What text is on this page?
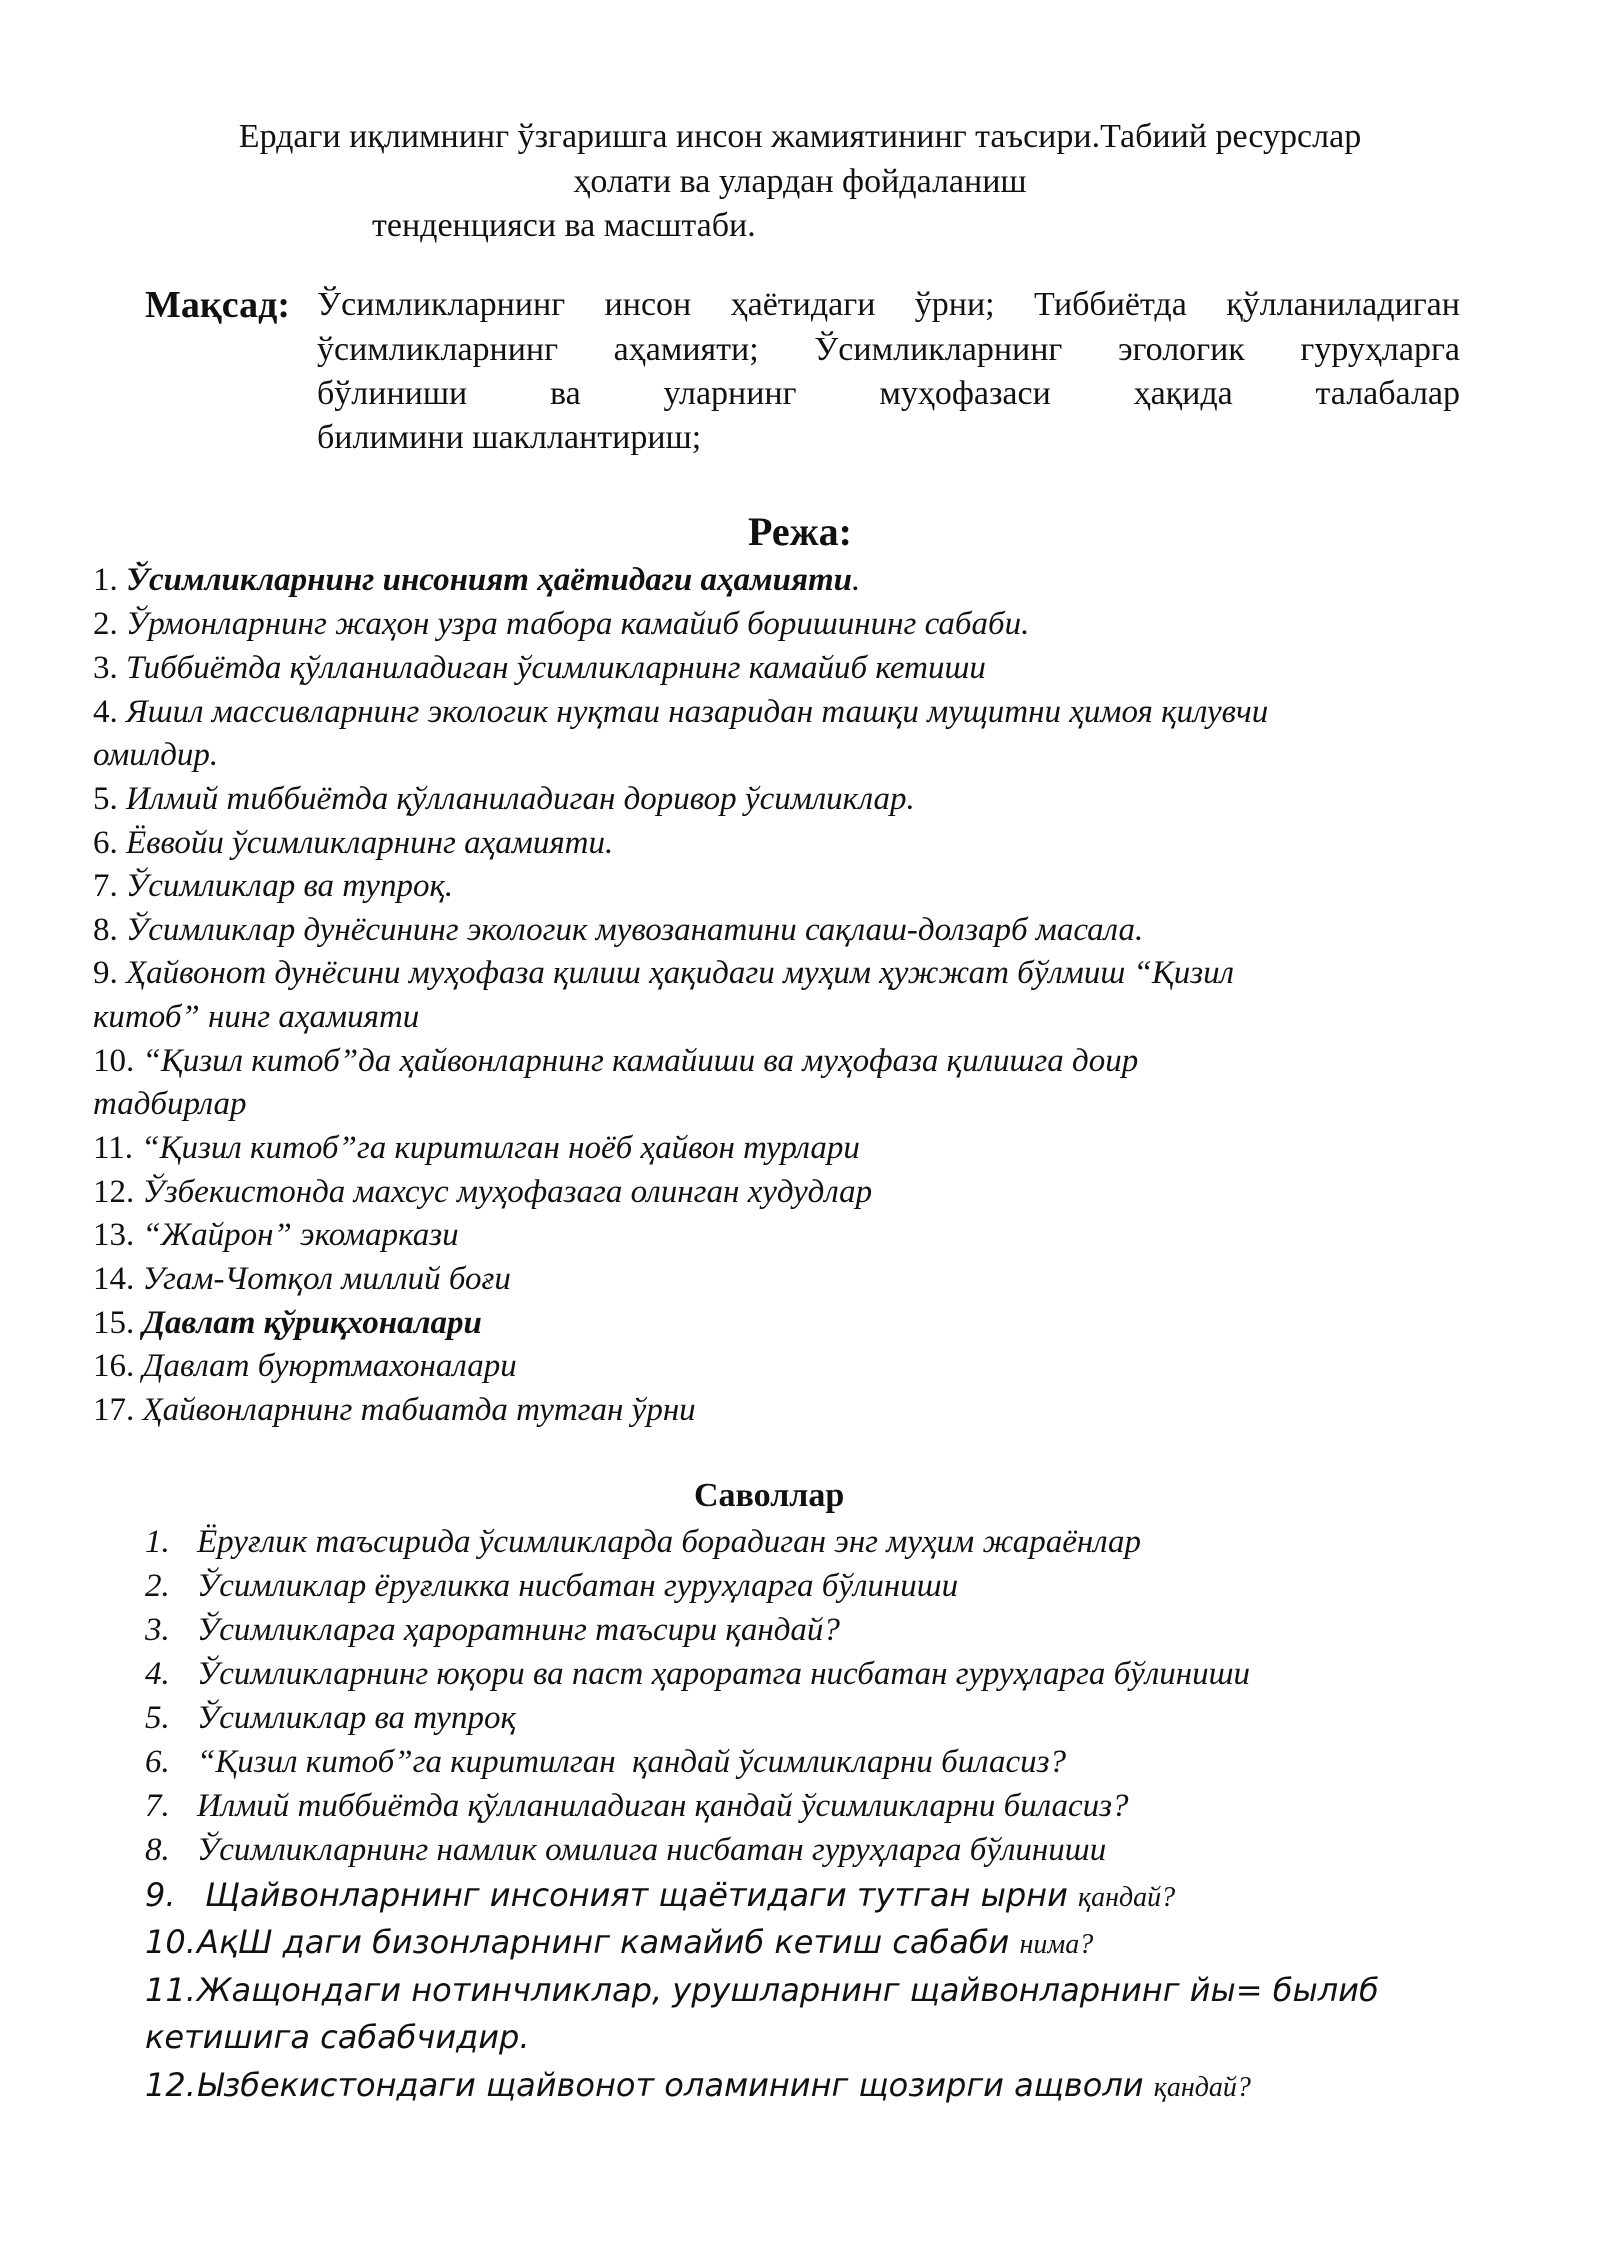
Ердаги иқлимнинг ўзгаришга инсон жамиятининг таъсири.Табиий ресурслар
ҳолати ва улардан фойдаланиш
тенденцияси ва масштаби.
Мақсад: Ўсимликларнинг инсон ҳаётидаги ўрни; Тиббиётда қўлланиладиган
ўсимликларнинг аҳамияти; Ўсимликларнинг эгологик гуруҳларга
бўлиниши ва уларнинг муҳофазаси ҳақида талабалар
билимини шакллантириш;
Режа:
1. Ўсимликларнинг инсоният ҳаётидаги аҳамияти.
2. Ўрмонларнинг жаҳон узра табора камайиб боришининг сабаби.
3. Тиббиётда қўлланиладиган ўсимликларнинг камайиб кетиши
4. Яшил массивларнинг экологик нуқтаи назаридан ташқи мущитни ҳимоя қилувчи
омилдир.
5. Илмий тиббиётда қўлланиладиган доривор ўсимликлар.
6. Ёввойи ўсимликларнинг аҳамияти.
7. Ўсимликлар ва тупроқ.
8. Ўсимликлар дунёсининг экологик мувозанатини сақлаш-долзарб масала.
9. Ҳайвонот дунёсини муҳофаза қилиш ҳақидаги муҳим ҳужжат бўлмиш “Қизил
китоб” нинг аҳамияти
10. “Қизил китоб”да ҳайвонларнинг камайиши ва муҳофаза қилишга доир
тадбирлар
11. “Қизил китоб”га киритилган ноёб ҳайвон турлари
12. Ўзбекистонда махсус муҳофазага олинган худудлар
13. “Жайрон” экомаркази
14. Угам-Чотқол миллий боғи
15. Давлат қўриқхоналари
16. Давлат буюртмахоналари
17. Ҳайвонларнинг табиатда тутган ўрни
Саволлар
1. Ёруғлик таъсирида ўсимликларда борадиган энг муҳим жараёнлар
2. Ўсимликлар ёруғликка нисбатан гуруҳларга бўлиниши
3. Ўсимликларга ҳароратнинг таъсири қандай?
4. Ўсимликларнинг юқори ва паст ҳароратга нисбатан гуруҳларга бўлиниши
5. Ўсимликлар ва тупроқ
6. “Қизил китоб”га киритилган  қандай ўсимликларни биласиз?
7. Илмий тиббиётда қўлланиладиган қандай ўсимликларни биласиз?
8. Ўсимликларнинг намлик омилига нисбатан гуруҳларга бўлиниши
9. Щайвонларнинг инсоният щаётидаги тутган ырни қандай?
10. АқШ даги бизонларнинг камайиб кетиш сабаби нима?
11. Жащондаги нотинчликлар, урушларнинг щайвонларнинг йы= былиб
кетишига сабабчидир.
12. Ызбекистондаги щайвонот оламининг щозирги ащволи қандай?
